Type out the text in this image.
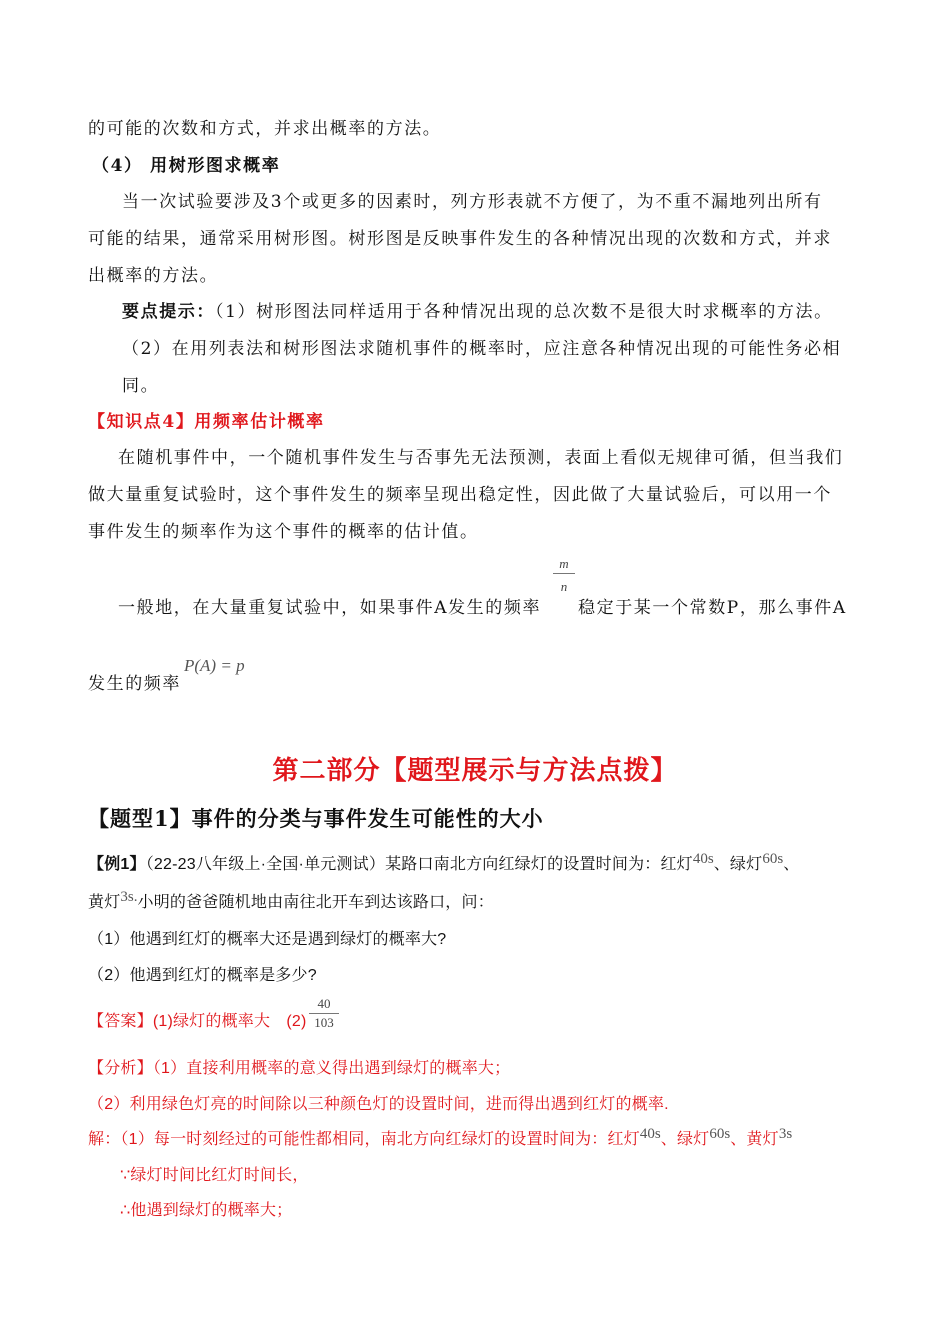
的可能的次数和方式，并求出概率的方法。
（4） 用树形图求概率
当一次试验要涉及3个或更多的因素时，列方形表就不方便了，为不重不漏地列出所有
可能的结果，通常采用树形图。树形图是反映事件发生的各种情况出现的次数和方式，并求
出概率的方法。
要点提示：（1）树形图法同样适用于各种情况出现的总次数不是很大时求概率的方法。
（2）在用列表法和树形图法求随机事件的概率时，应注意各种情况出现的可能性务必相
同。
【知识点4】用频率估计概率
在随机事件中，一个随机事件发生与否事先无法预测，表面上看似无规律可循，但当我们
做大量重复试验时，这个事件发生的频率呈现出稳定性，因此做了大量试验后，可以用一个
事件发生的频率作为这个事件的概率的估计值。
一般地，在大量重复试验中，如果事件A发生的频率
m
n
稳定于某一个常数P，那么事件A
P(A) = p
发生的频率
第二部分【题型展示与方法点拨】
【题型1】事件的分类与事件发生可能性的大小
【例1】（22-23八年级上·全国·单元测试）某路口南北方向红绿灯的设置时间为：红灯40s、绿灯60s、
黄灯3s.小明的爸爸随机地由南往北开车到达该路口，问：
（1）他遇到红灯的概率大还是遇到绿灯的概率大?
（2）他遇到红灯的概率是多少?
【答案】(1)绿灯的概率大　(2)
40
103
【分析】（1）直接利用概率的意义得出遇到绿灯的概率大；
（2）利用绿色灯亮的时间除以三种颜色灯的设置时间，进而得出遇到红灯的概率.
解：（1）每一时刻经过的可能性都相同，南北方向红绿灯的设置时间为：红灯40s、绿灯60s、黄灯3s
∵绿灯时间比红灯时间长，
∴他遇到绿灯的概率大；
